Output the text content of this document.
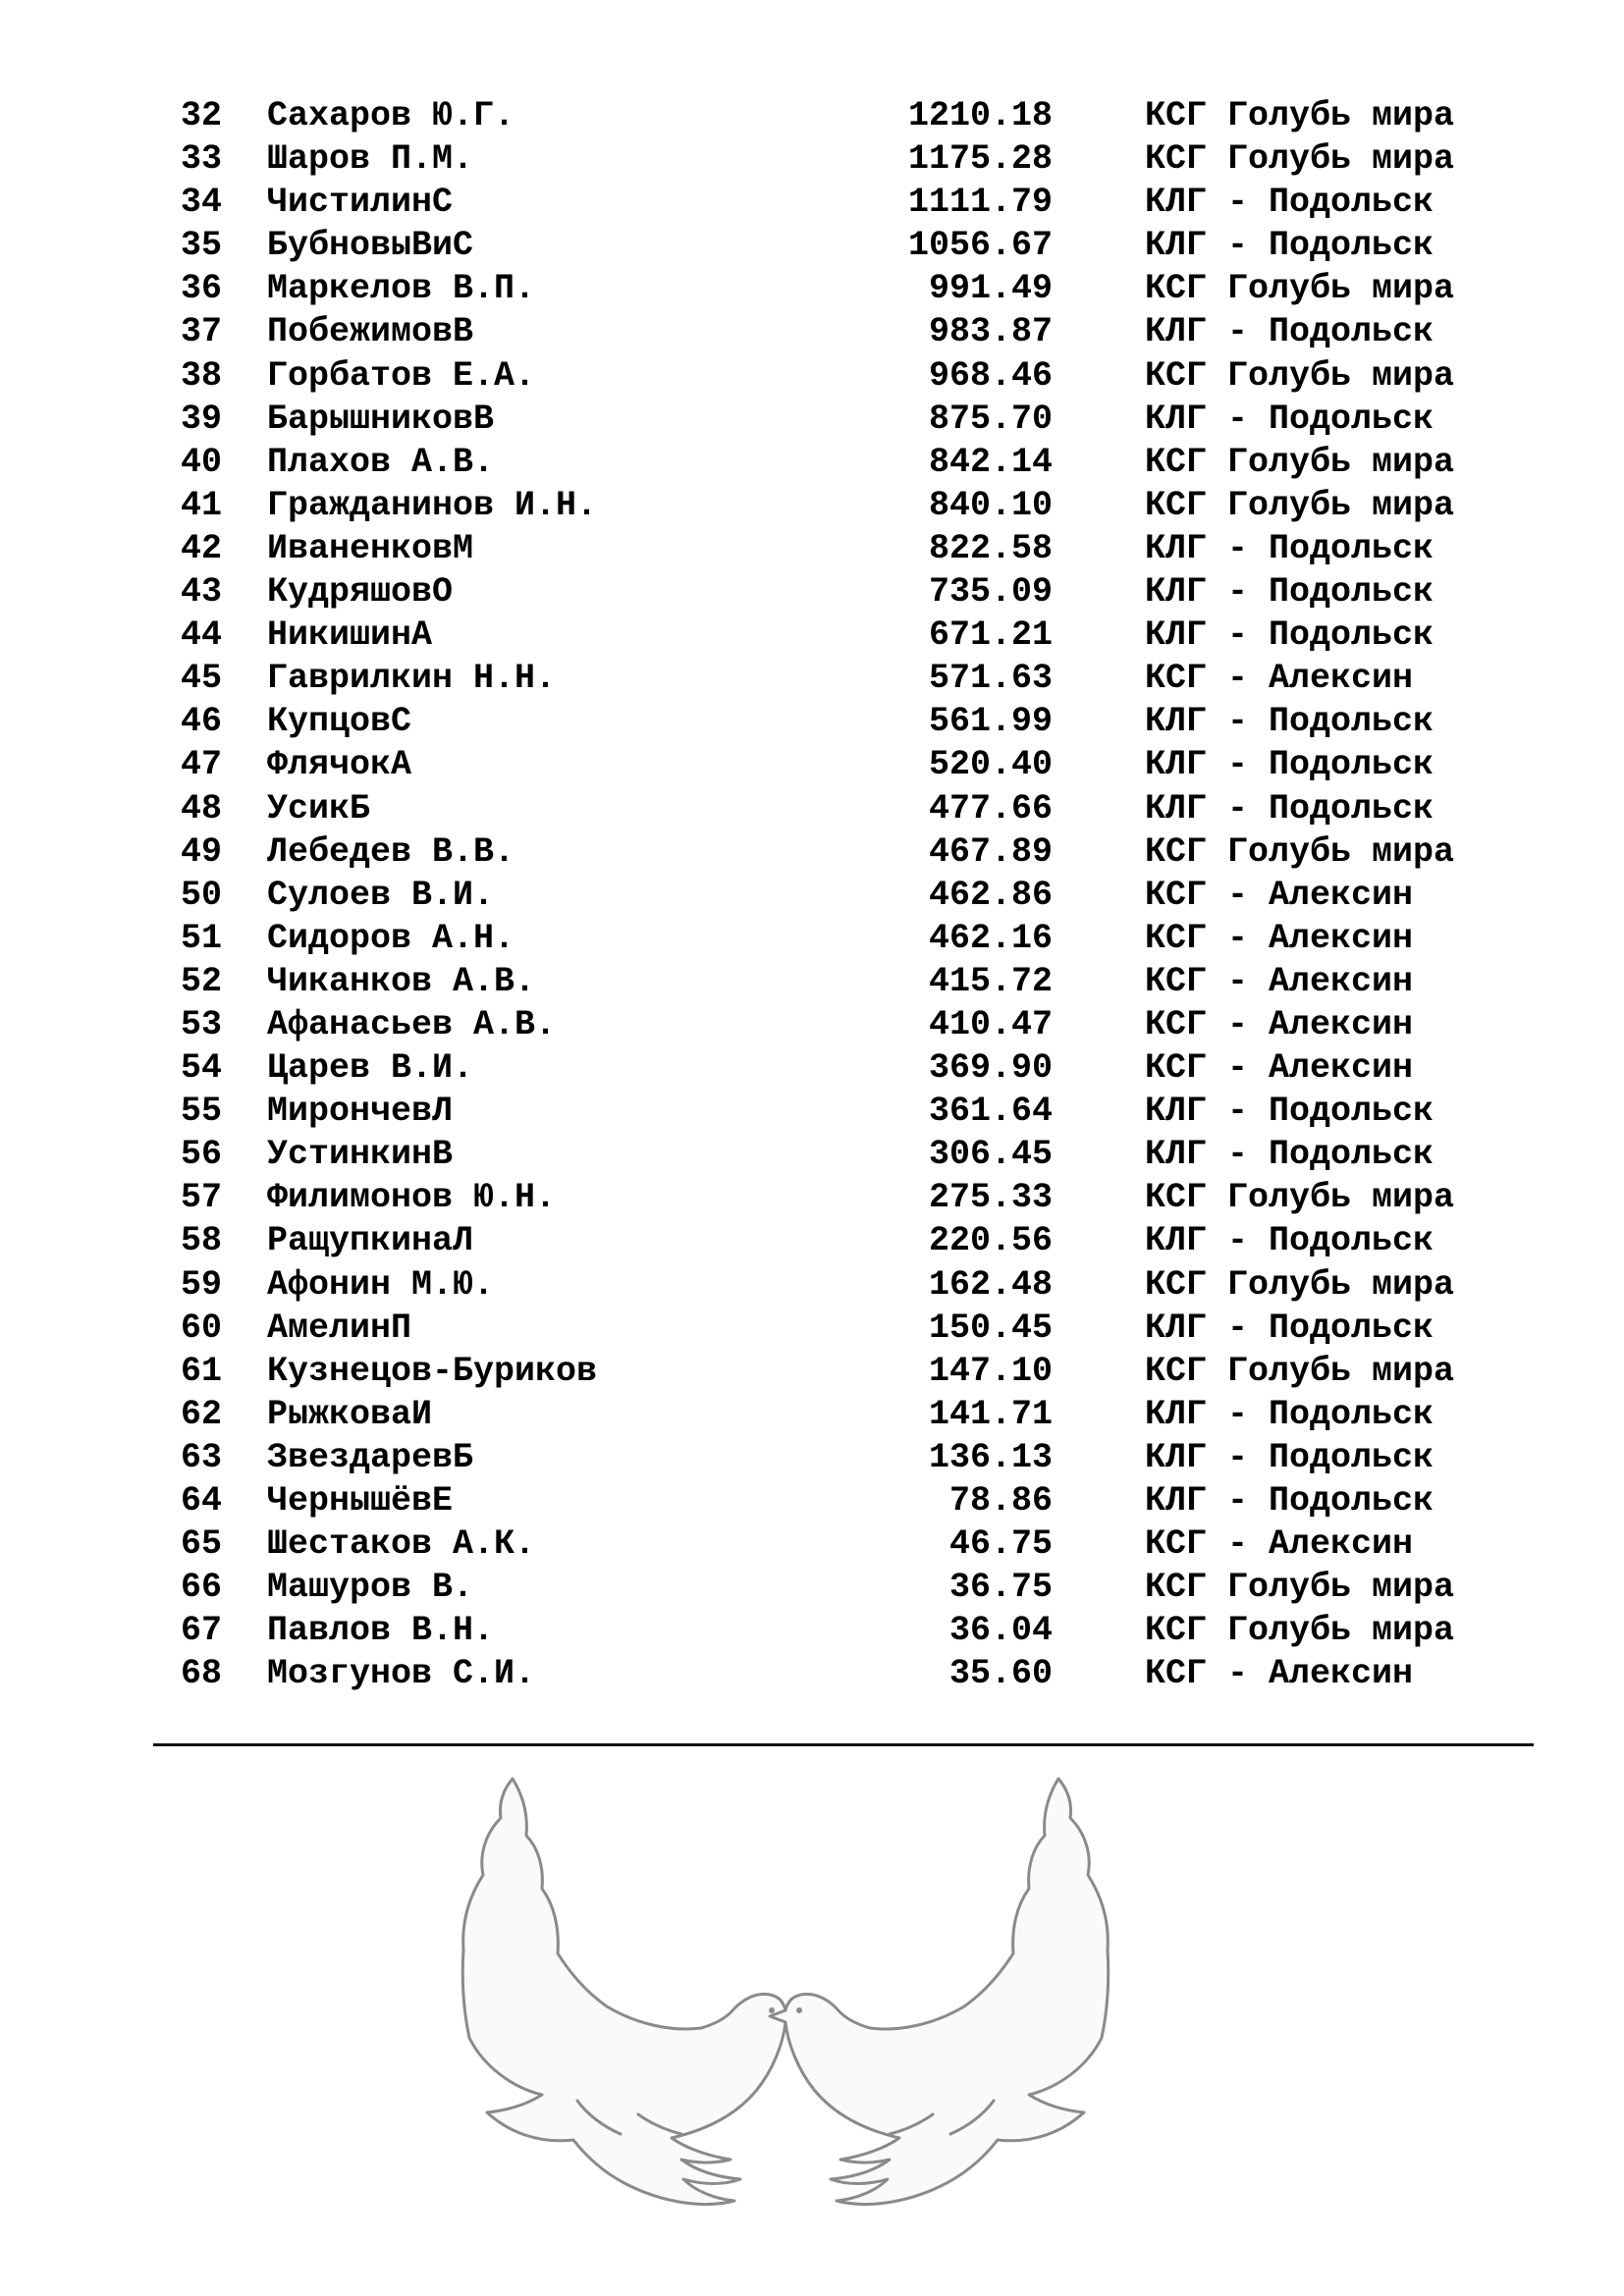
32 Сахаров Ю.Г.	1210.18	КСГ Голубь мира
33 Шаров П.М.	1175.28	КСГ Голубь мира
34 ЧистилинС	1111.79	КЛГ - Подольск
35 БубновыВиС	1056.67	КЛГ - Подольск
36 Маркелов В.П.	991.49	КСГ Голубь мира
37 ПобежимовВ	983.87	КЛГ - Подольск
38 Горбатов Е.А.	968.46	КСГ Голубь мира
39 БарышниковВ	875.70	КЛГ - Подольск
40 Плахов А.В.	842.14	КСГ Голубь мира
41 Гражданинов И.Н.	840.10	КСГ Голубь мира
42 ИваненковМ	822.58	КЛГ - Подольск
43 КудряшовО	735.09	КЛГ - Подольск
44 НикишинА	671.21	КЛГ - Подольск
45 Гаврилкин Н.Н.	571.63	КСГ - Алексин
46 КупцовС	561.99	КЛГ - Подольск
47 ФлячокА	520.40	КЛГ - Подольск
48 УсикБ	477.66	КЛГ - Подольск
49 Лебедев В.В.	467.89	КСГ Голубь мира
50 Сулоев В.И.	462.86	КСГ - Алексин
51 Сидоров А.Н.	462.16	КСГ - Алексин
52 Чиканков А.В.	415.72	КСГ - Алексин
53 Афанасьев А.В.	410.47	КСГ - Алексин
54 Царев В.И.	369.90	КСГ - Алексин
55 МирончевЛ	361.64	КЛГ - Подольск
56 УстинкинВ	306.45	КЛГ - Подольск
57 Филимонов Ю.Н.	275.33	КСГ Голубь мира
58 РащупкинаЛ	220.56	КЛГ - Подольск
59 Афонин М.Ю.	162.48	КСГ Голубь мира
60 АмелинП	150.45	КЛГ - Подольск
61 Кузнецов-Буриков	147.10	КСГ Голубь мира
62 РыжковаИ	141.71	КЛГ - Подольск
63 ЗвездаревБ	136.13	КЛГ - Подольск
64 ЧернышёвЕ	78.86	КЛГ - Подольск
65 Шестаков А.К.	46.75	КСГ - Алексин
66 Машуров В.	36.75	КСГ Голубь мира
67 Павлов В.Н.	36.04	КСГ Голубь мира
68 Мозгунов С.И.	35.60	КСГ - Алексин
